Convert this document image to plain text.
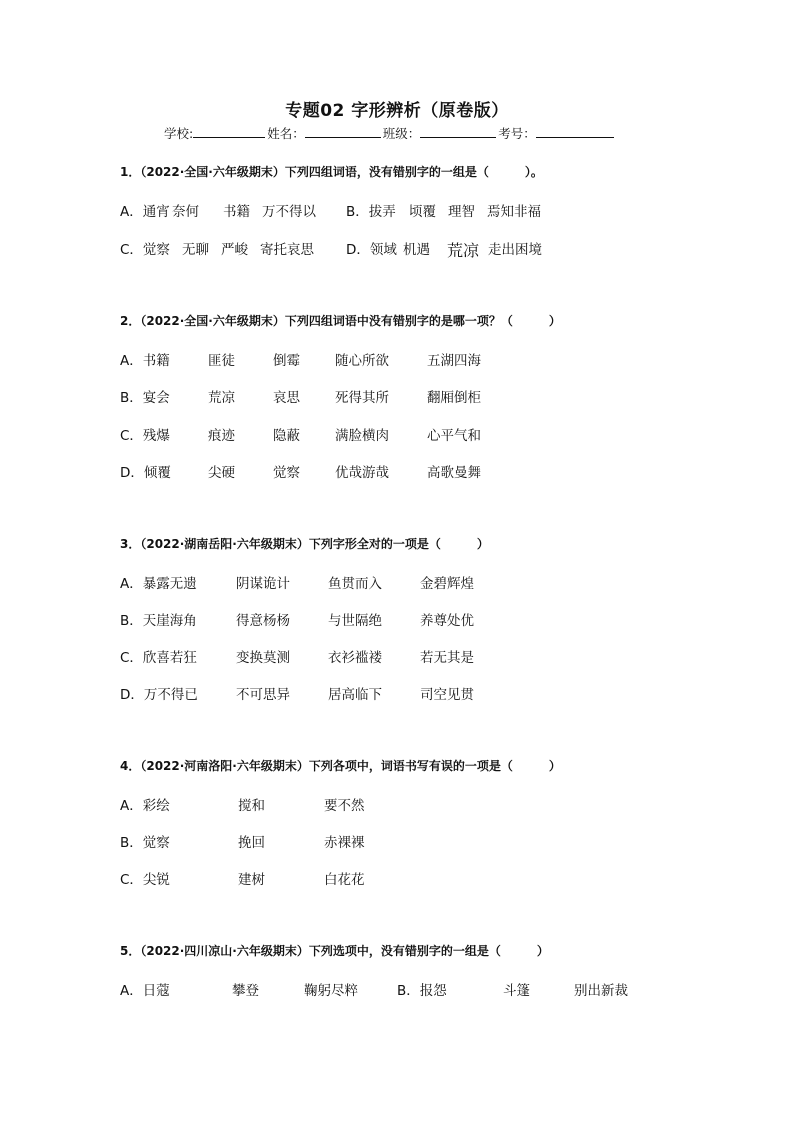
专题02 字形辨析（原卷版）
学校:	姓名：	班级：	考号：
1．（2022·全国·六年级期末）下列四组词语，没有错别字的一组是（　　　）。
A．通宵 奈何 书籍 万不得以 B．拔弄 顷覆 理智 焉知非福
C．觉察 无聊 严峻 寄托哀思 D．领域 机遇 荒凉 走出困境
2．（2022·全国·六年级期末）下列四组词语中没有错别字的是哪一项？（　　　）
A．书籍	匪徒	倒霉	随心所欲	五湖四海
B．宴会	荒凉	哀思	死得其所	翻厢倒柜
C．残爆	痕迹	隐蔽	满脸横肉	心平气和
D．倾覆	尖硬	觉察	优哉游哉	高歌曼舞
3．（2022·湖南岳阳·六年级期末）下列字形全对的一项是（　　　）
A．暴露无遗	阴谋诡计	鱼贯而入	金碧辉煌
B．天崖海角	得意杨杨	与世隔绝	养尊处优
C．欣喜若狂	变换莫测	衣衫褴褛	若无其是
D．万不得已	不可思异	居高临下	司空见贯
4．（2022·河南洛阳·六年级期末）下列各项中，词语书写有误的一项是（　　　）
A．彩绘	搅和	要不然
B．觉察	挽回	赤裸裸
C．尖锐	建树	白花花
5．（2022·四川凉山·六年级期末）下列选项中，没有错别字的一组是（　　　）
A．日蔻	攀登	鞠躬尽粹	B．报怨	斗篷	别出新裁
